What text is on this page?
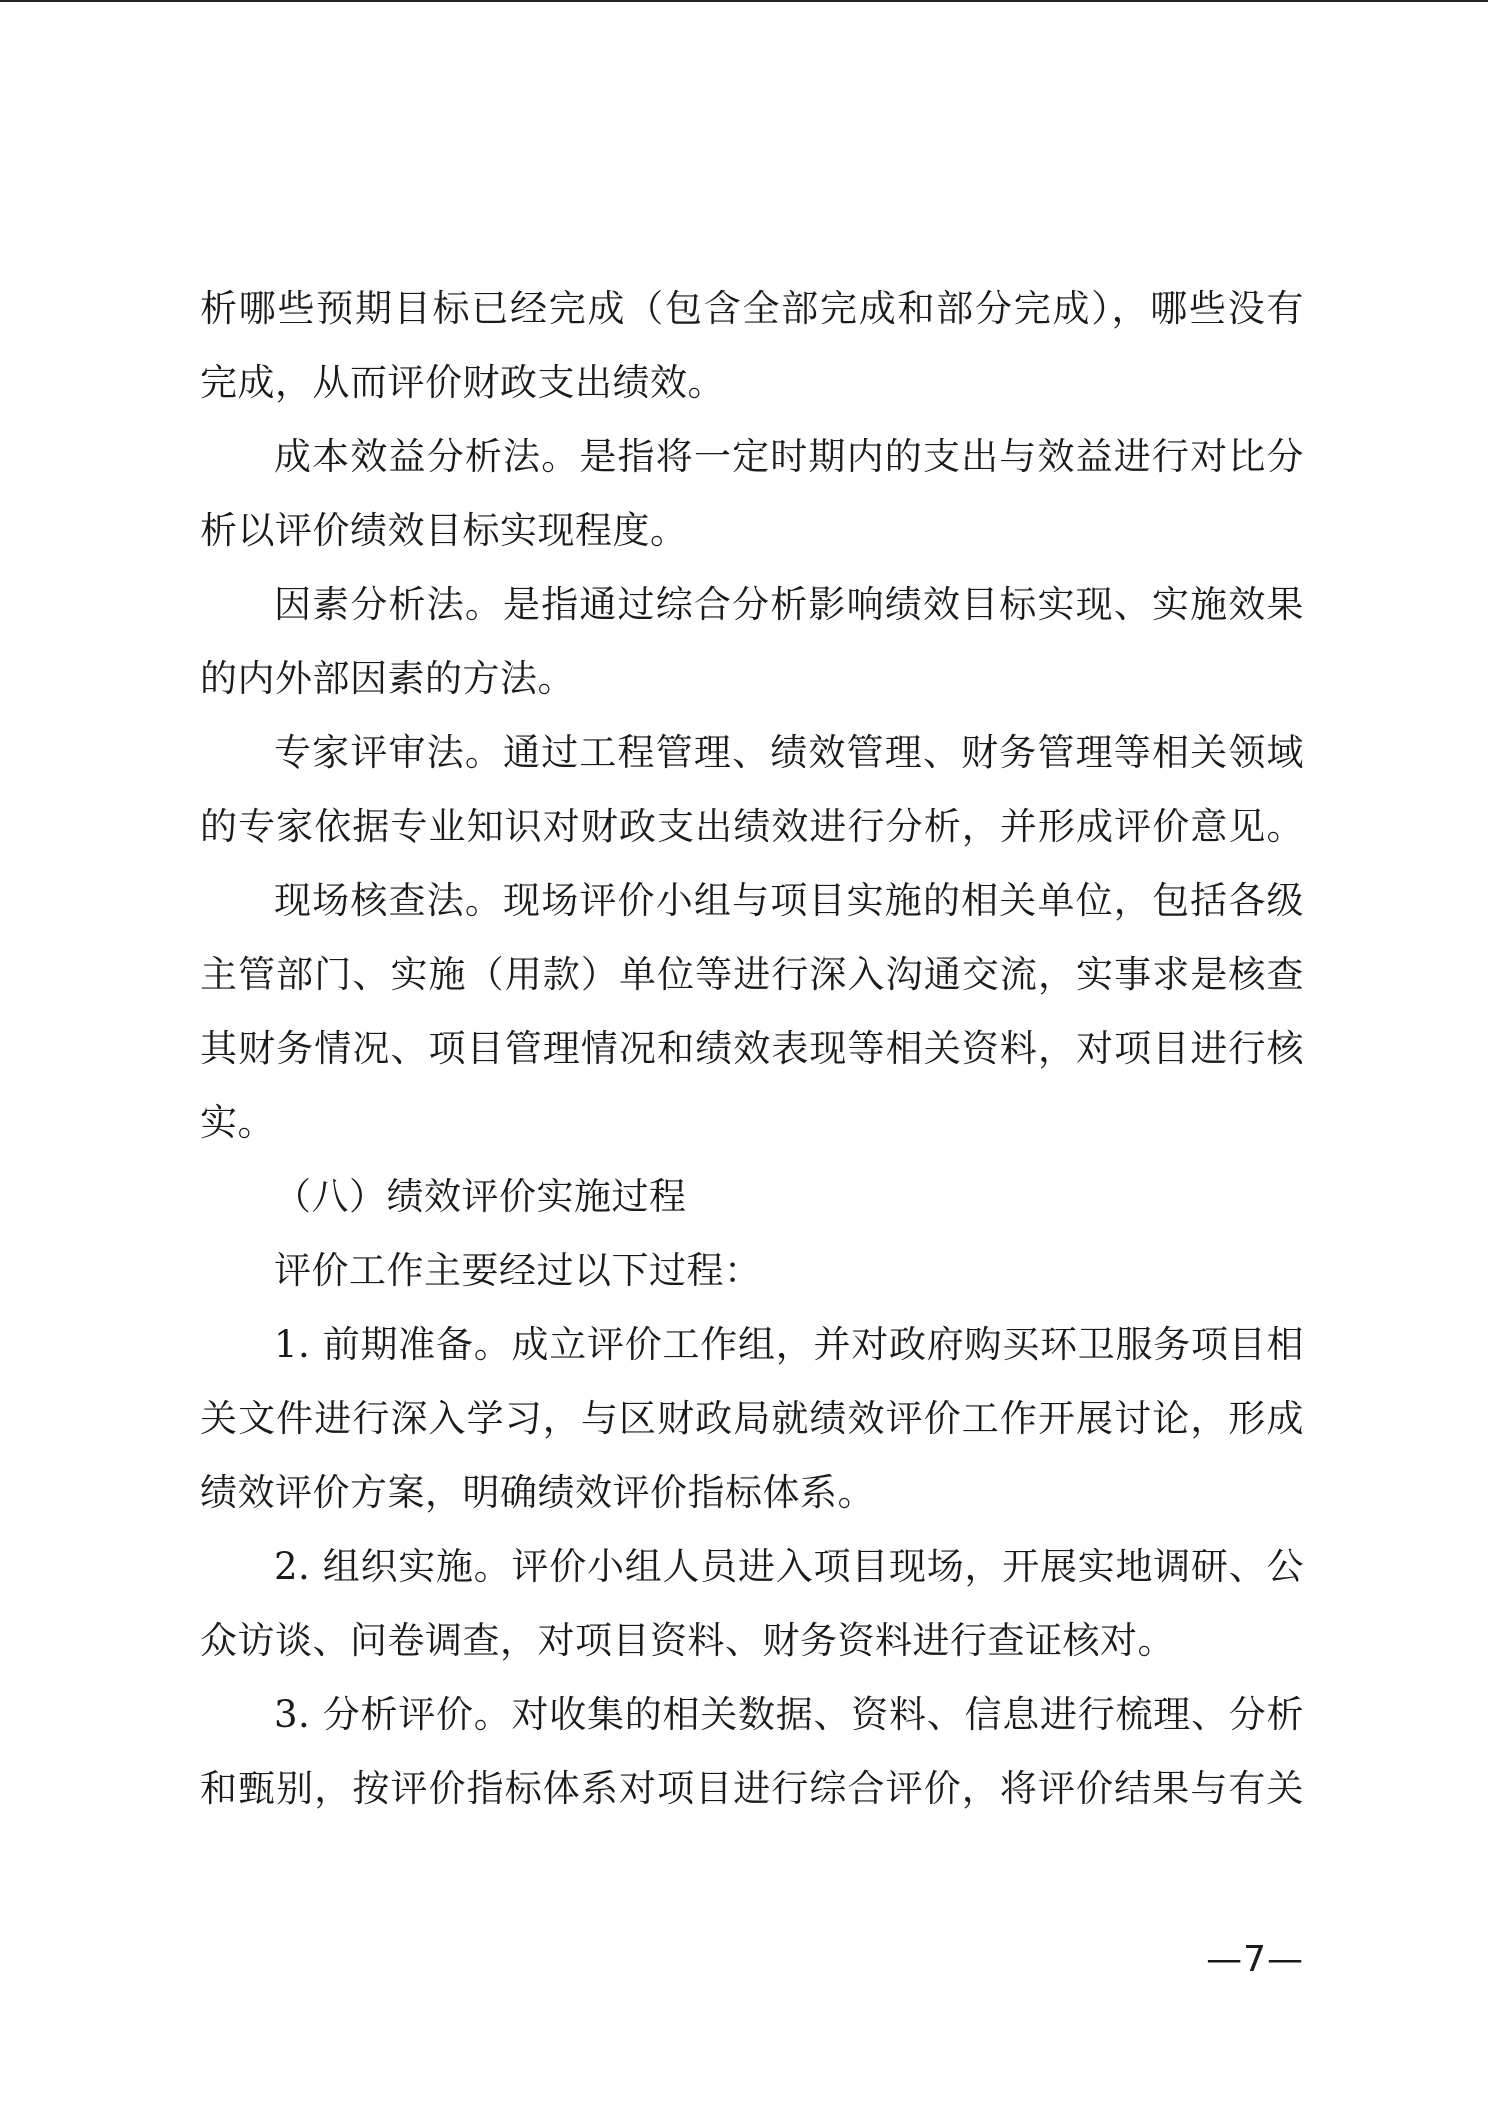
析哪些预期目标已经完成（包含全部完成和部分完成），哪些没有
完成，从而评价财政支出绩效。
成本效益分析法。是指将一定时期内的支出与效益进行对比分
析以评价绩效目标实现程度。
因素分析法。是指通过综合分析影响绩效目标实现、实施效果
的内外部因素的方法。
专家评审法。通过工程管理、绩效管理、财务管理等相关领域
的专家依据专业知识对财政支出绩效进行分析，并形成评价意见。
现场核查法。现场评价小组与项目实施的相关单位，包括各级
主管部门、实施（用款）单位等进行深入沟通交流，实事求是核查
其财务情况、项目管理情况和绩效表现等相关资料，对项目进行核
实。
（八）绩效评价实施过程
评价工作主要经过以下过程：
1. 前期准备。成立评价工作组，并对政府购买环卫服务项目相
关文件进行深入学习，与区财政局就绩效评价工作开展讨论，形成
绩效评价方案，明确绩效评价指标体系。
2. 组织实施。评价小组人员进入项目现场，开展实地调研、公
众访谈、问卷调查，对项目资料、财务资料进行查证核对。
3. 分析评价。对收集的相关数据、资料、信息进行梳理、分析
和甄别，按评价指标体系对项目进行综合评价，将评价结果与有关
—7—
